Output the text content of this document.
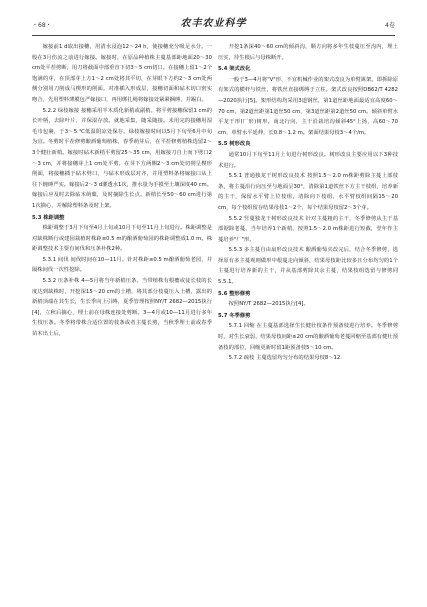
・68・	农丰农业科学	4卷

嫁接前1 d取出接穗，用清水浸泡12～24 h，使接穗充分吸足水分。一般在3月伤流之前进行嫁接。嫁接时，在原品种植株主蔓基部距地面20～30 cm处平茬剪断，用刀将截面中部垂直下切3～5 cm切口。在接穗上留1～2个饱满的芽，在顶部芽上方1～2 cm处将其平切，在芽眼下方约2～3 cm处两侧分别用刀削成马楔形的削面。对准插入形成层，接穗切面和砧木切口密实吻合，先用塑料薄膜包严嫁接口，再用绑扎绳将嫁接处紧紧捆缚，并踢白。

5.2.2 绿枝嫁接 接穗采用半木质化新梢或副梢。将平剪接穗保留1 cm的长叶柄，去除叶片，并保湿存放。就地采集，随采随接。未用完的接穗用湿毛巾包裹，于3～5 ℃低温阴凉处保存。绿枝嫁接时间以5月下旬至6月中旬为宜。冬剪时平茬修剪酿酒葡萄植株，春季萌芽后，在平茬修剪植株选留2～3个健壮新梢。嫁接时砧木新梢平剪留25～35 cm，用嫁接刀自上而下劈口2～3 cm，并将接穗芽上1 cm处平剪，在芽下方两侧2～3 cm处切削呈楔形削面，将接穗插于砧木劈口，与砧木形成层对齐，并用塑料条将嫁接口从上往下缠缚严实。嫁接后2～3 d灌透水1次，推水量为手摸至土壤深度40 cm。嫁接后应及时去除砧木萌蘖，及时摘除生长点。新梢长至50～60 cm进行第1次摘心，并解除塑料条及时上架。

5.3 株距调整

株距调整于3月下旬至4月上旬或10月下旬至11月上旬进行。株距调整是对缺株断行或建园栽植时株距≤0.5 m的酿酒葡萄园的株距调整成1.0 m。株距调整技术主要有间伐和压条补株2种。

5.3.1 间伐 间伐时间在10—11月。针对株距≤0.5 m酿酒葡萄老园，并隔株间伐一次性挖除。

5.3.2 压条补株 4—5月将当年新梢压条。当带植株有根瘿或徒长枝的长度达到缺株时，开挖深15～20 cm的土槽，将其部分枝蔓压入土槽，露出的新梢顶端在其生长，生长季向上引缚，夏季管理按照NY/T 2682—2015执行[4]，立秋后摘心，埋土前在母株连接处剪断。3—4月或10—11月进行多年生枝压条。冬季将带株合适位置的枝条或者主蔓长剪，当秋季埋土前或春季苗木出土后，

开挖1条深40～60 cm的倾斜沟，顺方向将多年生枝蔓压至沟内，埋土压实，待生根后与母株断开。

5.4 架式改化

一般于3—4月将"V"形、不宜机械作业的架式改良为单臂篱架。即拆除原有架式的横杆与铁丝，将铁丝直接绑缚于立柱。架式改良按照DB62/T 4282—2020执行[5]。架形结构均采用3道钢丝，第1道丝距地面最适宜高度60～70 cm，第2道丝距第1道丝50 cm，第3道丝距第2道丝50 cm。倾斜单臂水平龙干形(厂形)树形。南北行向，主干沿栽培沟倾斜45°上扬，高60～70 cm，单臂水平延伸，长0.8～1.2 m。架面结果母枝3～4个/m。

5.5 树形改良

通常10月下旬至11月上旬进行树形改良。树形改良主要应用以下3种技术进行。

5.5.1 普通独龙干树形改良技术 按照1.5～2.0 m株距剪除主蔓上部枝条，将主蔓沿行向压至与地面呈30°，清除第1道铁丝下方主干枝组，培养新的主干，保留水平臂上位枝组，清除向下枝组，水平臂枝组间隔15～20 cm，每个枝组留存结果母枝1～2个，每个结果母枝留2～3个芽。

5.5.2 竖蔓独龙干树形改良技术 针对主蔓粗的主干，冬季修剪从主干基部锯除老蔓，当年培养1个新梢，按照1.5～2.0 m株距进行短截，翌年作主蔓培养"厂"形。

5.5.3 多主蔓自由扇形改良技术 酿酒葡萄夹改完后，结合冬季修剪，选择原有多主蔓观则做形中根蔓走向倾斜，结果母枝距比较多且分布均匀的1个主蔓进行培养新的主干，并从基部剪除其余主蔓，结果枝组选留与修剪同5.5.1。

5.6 整形修剪

按照NY/T 2682—2015执行[4]。

5.7 冬季修剪

5.7.1 回缩 在主蔓基部选择生长健壮枝条作预备枝进行培养。冬季修剪时，对生长衰弱、结果母枝间距≥20 cm的酿酒葡萄老蔓回缩至基部有健壮预备枝的部位，回缩更新时留1距预备枝5～10 cm。

5.7.2 疏枝 主蔓选留均匀分布的结果母枝8～12
